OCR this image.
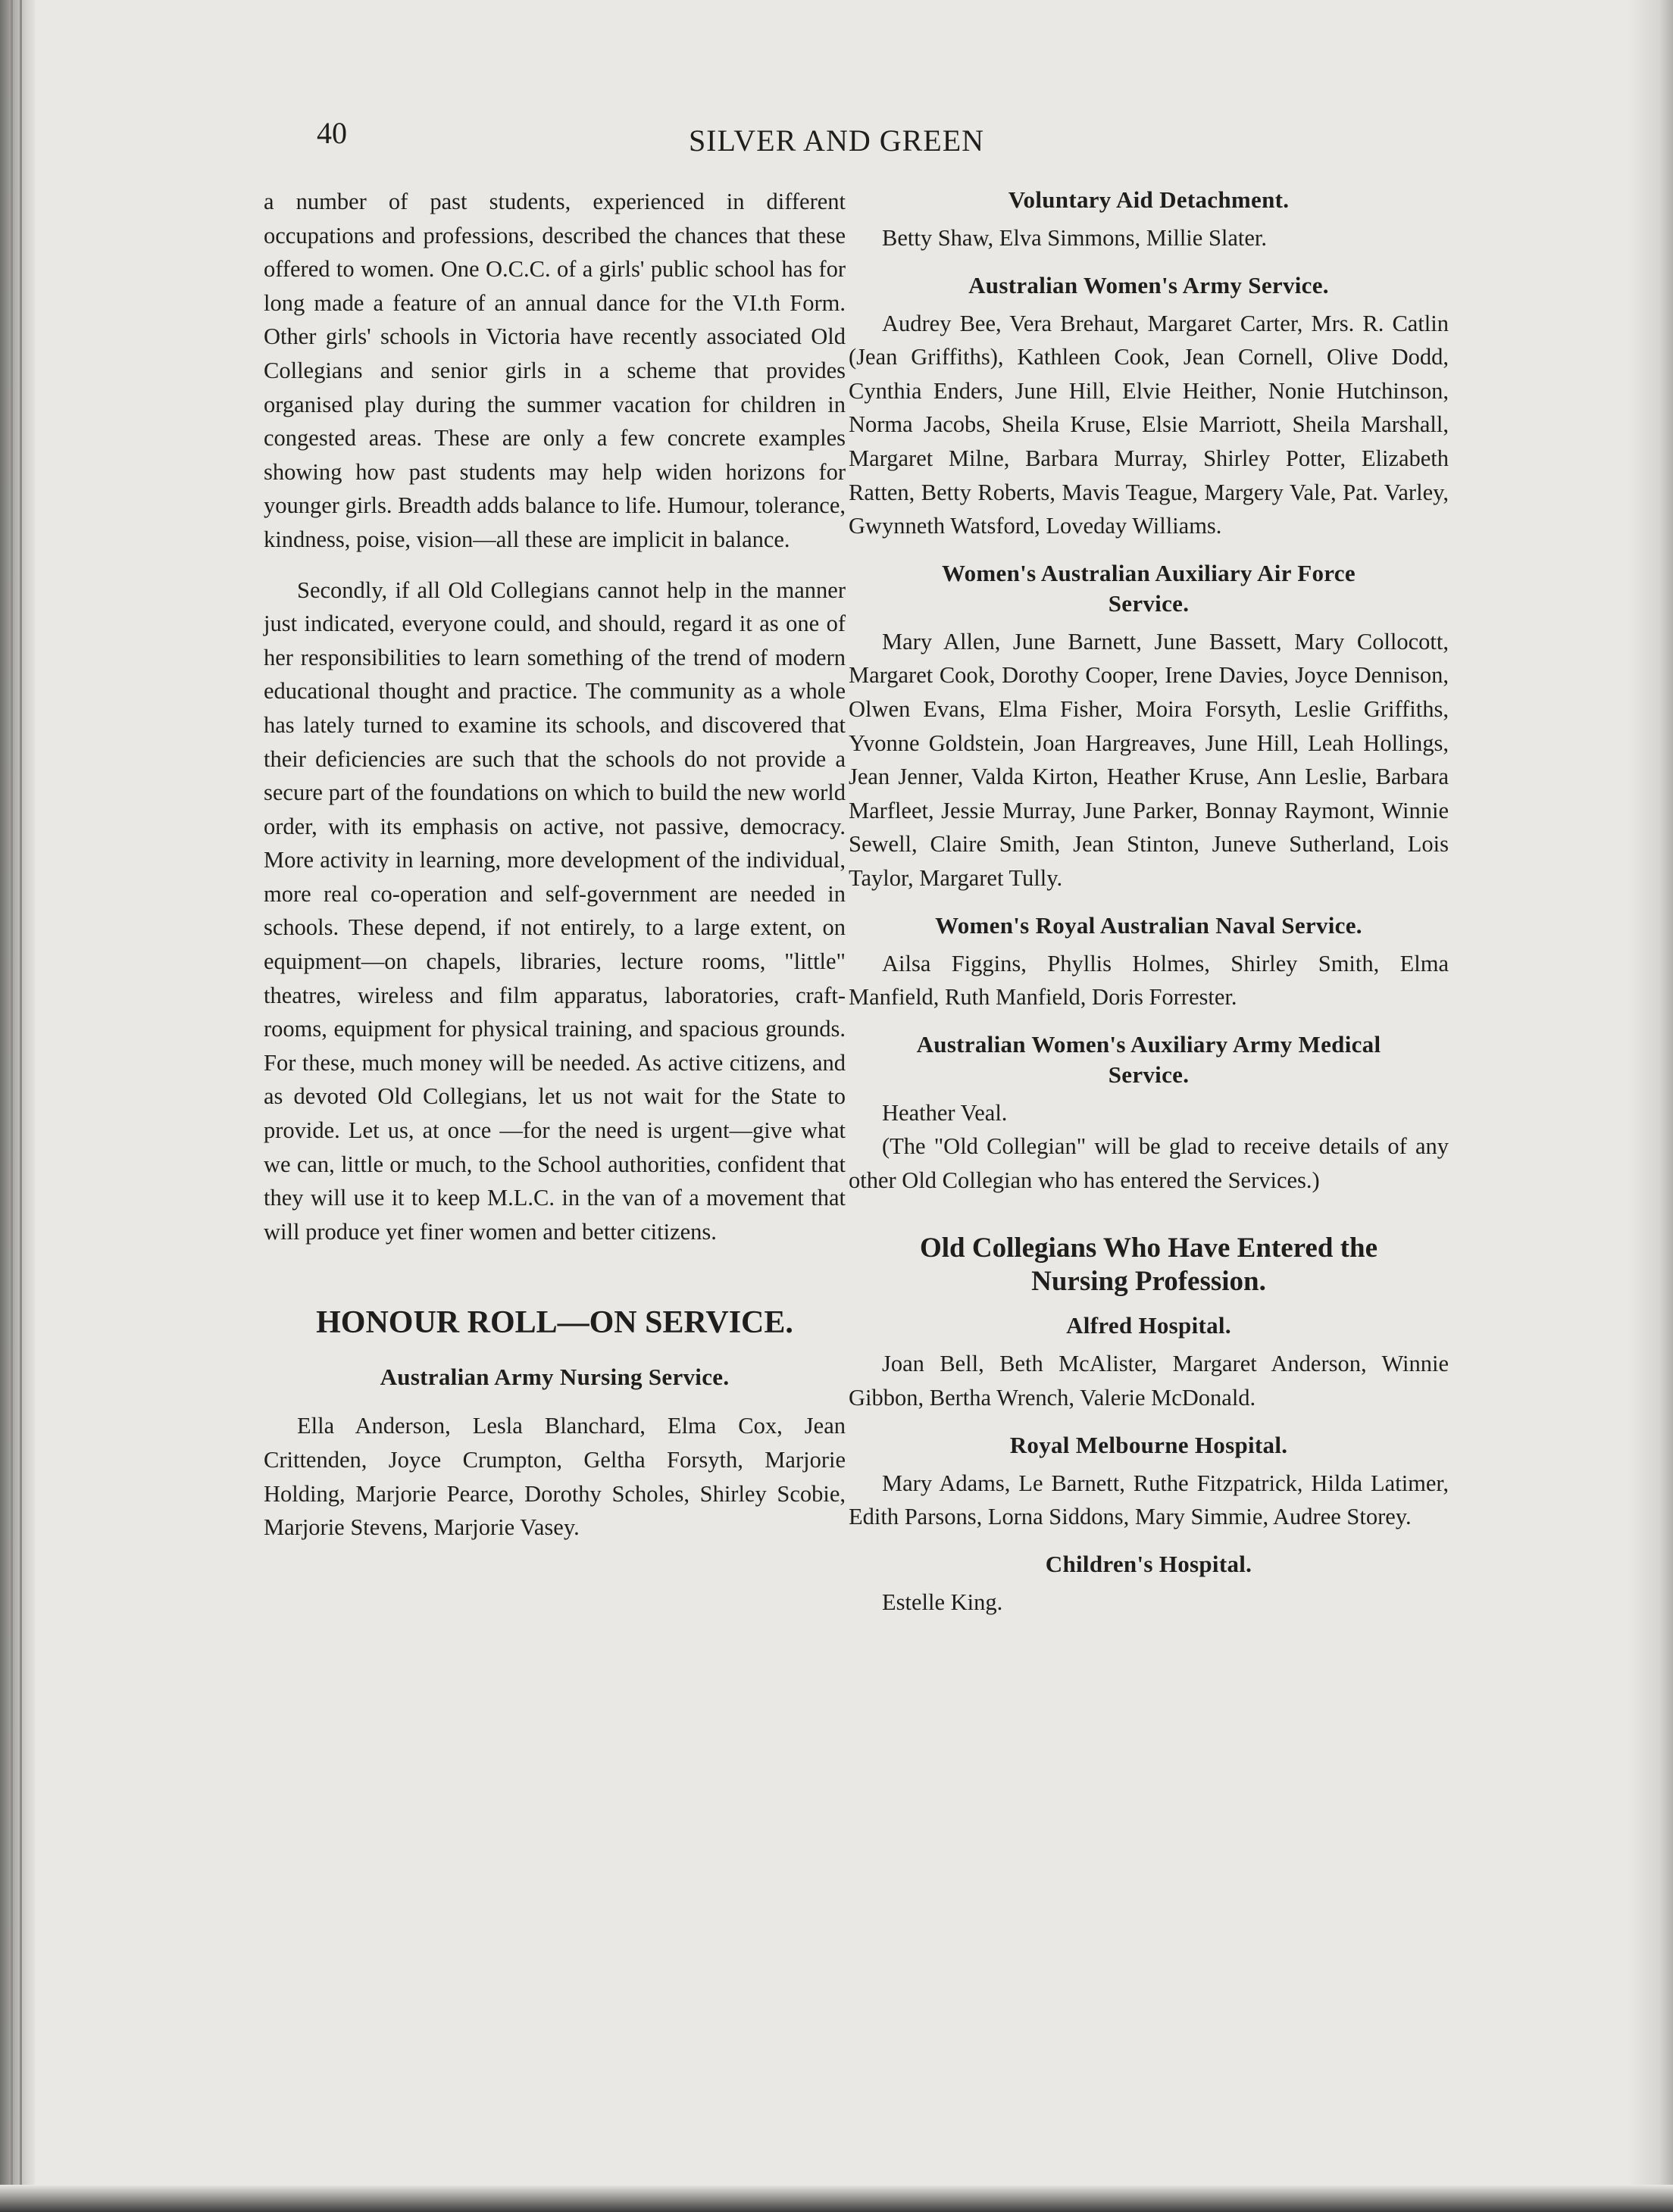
40	SILVER AND GREEN

a number of past students, experienced in different occupations and professions, described the chances that these offered to women. One O.C.C. of a girls' public school has for long made a feature of an annual dance for the VI.th Form. Other girls' schools in Victoria have recently associated Old Collegians and senior girls in a scheme that provides organised play during the summer vacation for children in congested areas. These are only a few concrete examples showing how past students may help widen horizons for younger girls. Breadth adds balance to life. Humour, tolerance, kindness, poise, vision—all these are implicit in balance.

Secondly, if all Old Collegians cannot help in the manner just indicated, everyone could, and should, regard it as one of her responsibilities to learn something of the trend of modern educational thought and practice. The community as a whole has lately turned to examine its schools, and discovered that their deficiencies are such that the schools do not provide a secure part of the foundations on which to build the new world order, with its emphasis on active, not passive, democracy. More activity in learning, more development of the individual, more real co-operation and self-government are needed in schools. These depend, if not entirely, to a large extent, on equipment—on chapels, libraries, lecture rooms, "little" theatres, wireless and film apparatus, laboratories, craft-rooms, equipment for physical training, and spacious grounds. For these, much money will be needed. As active citizens, and as devoted Old Collegians, let us not wait for the State to provide. Let us, at once —for the need is urgent—give what we can, little or much, to the School authorities, confident that they will use it to keep M.L.C. in the van of a movement that will produce yet finer women and better citizens.

HONOUR ROLL—ON SERVICE.
Australian Army Nursing Service.

Ella Anderson, Lesla Blanchard, Elma Cox, Jean Crittenden, Joyce Crumpton, Geltha Forsyth, Marjorie Holding, Marjorie Pearce, Dorothy Scholes, Shirley Scobie, Marjorie Stevens, Marjorie Vasey.

Voluntary Aid Detachment.

Betty Shaw, Elva Simmons, Millie Slater.

Australian Women's Army Service.

Audrey Bee, Vera Brehaut, Margaret Carter, Mrs. R. Catlin (Jean Griffiths), Kathleen Cook, Jean Cornell, Olive Dodd, Cynthia Enders, June Hill, Elvie Heither, Nonie Hutchinson, Norma Jacobs, Sheila Kruse, Elsie Marriott, Sheila Marshall, Margaret Milne, Barbara Murray, Shirley Potter, Elizabeth Ratten, Betty Roberts, Mavis Teague, Margery Vale, Pat. Varley, Gwynneth Watsford, Loveday Williams.

Women's Australian Auxiliary Air Force
Service.

Mary Allen, June Barnett, June Bassett, Mary Collocott, Margaret Cook, Dorothy Cooper, Irene Davies, Joyce Dennison, Olwen Evans, Elma Fisher, Moira Forsyth, Leslie Griffiths, Yvonne Goldstein, Joan Hargreaves, June Hill, Leah Hollings, Jean Jenner, Valda Kirton, Heather Kruse, Ann Leslie, Barbara Marfleet, Jessie Murray, June Parker, Bonnay Raymont, Winnie Sewell, Claire Smith, Jean Stinton, Juneve Sutherland, Lois Taylor, Margaret Tully.

Women's Royal Australian Naval Service.

Ailsa Figgins, Phyllis Holmes, Shirley Smith, Elma Manfield, Ruth Manfield, Doris Forrester.

Australian Women's Auxiliary Army Medical
Service.

Heather Veal.

(The "Old Collegian" will be glad to receive details of any other Old Collegian who has entered the Services.)

Old Collegians Who Have Entered the
Nursing Profession.
Alfred Hospital.

Joan Bell, Beth McAlister, Margaret Anderson, Winnie Gibbon, Bertha Wrench, Valerie McDonald.

Royal Melbourne Hospital.

Mary Adams, Le Barnett, Ruthe Fitzpatrick, Hilda Latimer, Edith Parsons, Lorna Siddons, Mary Simmie, Audree Storey.

Children's Hospital.

Estelle King.
